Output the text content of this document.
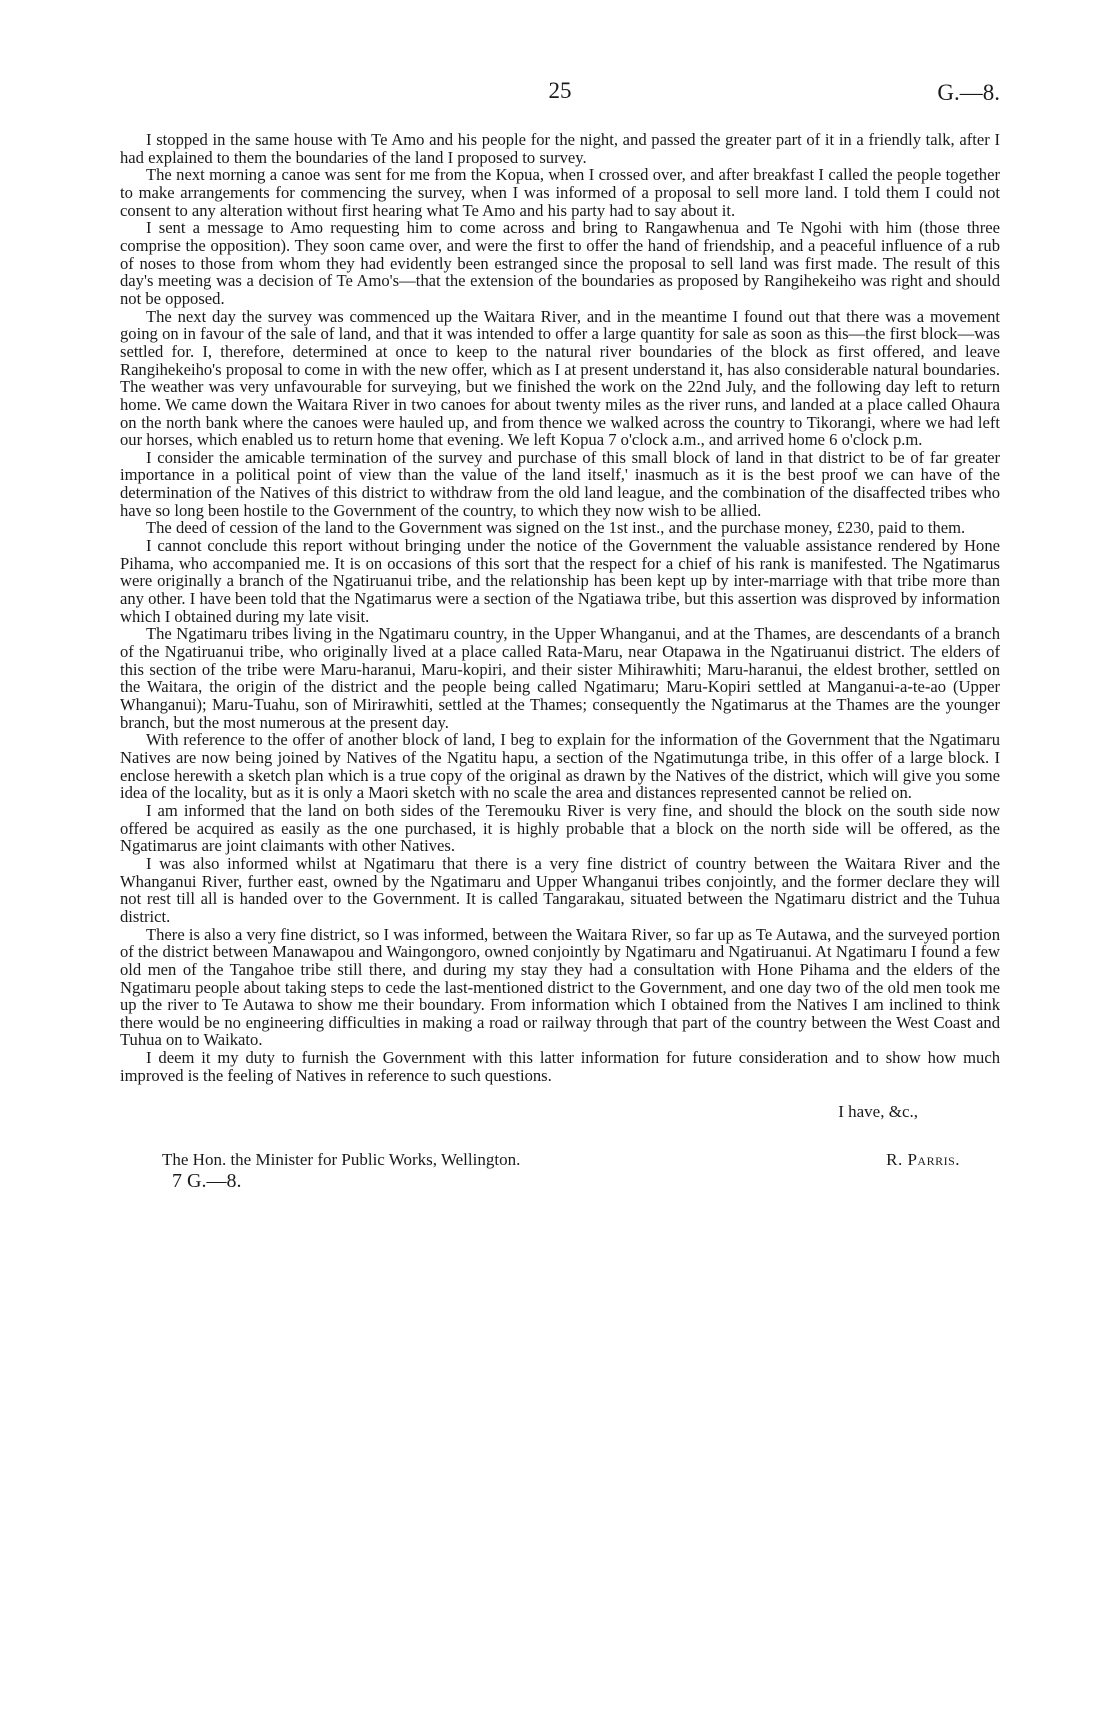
25	G.—8.

I stopped in the same house with Te Amo and his people for the night, and passed the greater part of it in a friendly talk, after I had explained to them the boundaries of the land I proposed to survey.

The next morning a canoe was sent for me from the Kopua, when I crossed over, and after breakfast I called the people together to make arrangements for commencing the survey, when I was informed of a proposal to sell more land. I told them I could not consent to any alteration without first hearing what Te Amo and his party had to say about it.

I sent a message to Amo requesting him to come across and bring to Rangawhenua and Te Ngohi with him (those three comprise the opposition). They soon came over, and were the first to offer the hand of friendship, and a peaceful influence of a rub of noses to those from whom they had evidently been estranged since the proposal to sell land was first made. The result of this day's meeting was a decision of Te Amo's—that the extension of the boundaries as proposed by Rangihekeiho was right and should not be opposed.

The next day the survey was commenced up the Waitara River, and in the meantime I found out that there was a movement going on in favour of the sale of land, and that it was intended to offer a large quantity for sale as soon as this—the first block—was settled for. I, therefore, determined at once to keep to the natural river boundaries of the block as first offered, and leave Rangihekeiho's proposal to come in with the new offer, which as I at present understand it, has also considerable natural boundaries. The weather was very unfavourable for surveying, but we finished the work on the 22nd July, and the following day left to return home. We came down the Waitara River in two canoes for about twenty miles as the river runs, and landed at a place called Ohaura on the north bank where the canoes were hauled up, and from thence we walked across the country to Tikorangi, where we had left our horses, which enabled us to return home that evening. We left Kopua 7 o'clock a.m., and arrived home 6 o'clock p.m.

I consider the amicable termination of the survey and purchase of this small block of land in that district to be of far greater importance in a political point of view than the value of the land itself,' inasmuch as it is the best proof we can have of the determination of the Natives of this district to withdraw from the old land league, and the combination of the disaffected tribes who have so long been hostile to the Government of the country, to which they now wish to be allied.

The deed of cession of the land to the Government was signed on the 1st inst., and the purchase money, £230, paid to them.

I cannot conclude this report without bringing under the notice of the Government the valuable assistance rendered by Hone Pihama, who accompanied me. It is on occasions of this sort that the respect for a chief of his rank is manifested. The Ngatimarus were originally a branch of the Ngatiruanui tribe, and the relationship has been kept up by inter-marriage with that tribe more than any other. I have been told that the Ngatimarus were a section of the Ngatiawa tribe, but this assertion was disproved by information which I obtained during my late visit.

The Ngatimaru tribes living in the Ngatimaru country, in the Upper Whanganui, and at the Thames, are descendants of a branch of the Ngatiruanui tribe, who originally lived at a place called Rata-Maru, near Otapawa in the Ngatiruanui district. The elders of this section of the tribe were Maru-haranui, Maru-kopiri, and their sister Mihirawhiti; Maru-haranui, the eldest brother, settled on the Waitara, the origin of the district and the people being called Ngatimaru; Maru-Kopiri settled at Manganui-a-te-ao (Upper Whanganui); Maru-Tuahu, son of Mirirawhiti, settled at the Thames; consequently the Ngatimarus at the Thames are the younger branch, but the most numerous at the present day.

With reference to the offer of another block of land, I beg to explain for the information of the Government that the Ngatimaru Natives are now being joined by Natives of the Ngatitu hapu, a section of the Ngatimutunga tribe, in this offer of a large block. I enclose herewith a sketch plan which is a true copy of the original as drawn by the Natives of the district, which will give you some idea of the locality, but as it is only a Maori sketch with no scale the area and distances represented cannot be relied on.

I am informed that the land on both sides of the Teremouku River is very fine, and should the block on the south side now offered be acquired as easily as the one purchased, it is highly probable that a block on the north side will be offered, as the Ngatimarus are joint claimants with other Natives.

I was also informed whilst at Ngatimaru that there is a very fine district of country between the Waitara River and the Whanganui River, further east, owned by the Ngatimaru and Upper Whanganui tribes conjointly, and the former declare they will not rest till all is handed over to the Government. It is called Tangarakau, situated between the Ngatimaru district and the Tuhua district.

There is also a very fine district, so I was informed, between the Waitara River, so far up as Te Autawa, and the surveyed portion of the district between Manawapou and Waingongoro, owned conjointly by Ngatimaru and Ngatiruanui. At Ngatimaru I found a few old men of the Tangahoe tribe still there, and during my stay they had a consultation with Hone Pihama and the elders of the Ngatimaru people about taking steps to cede the last-mentioned district to the Government, and one day two of the old men took me up the river to Te Autawa to show me their boundary. From information which I obtained from the Natives I am inclined to think there would be no engineering difficulties in making a road or railway through that part of the country between the West Coast and Tuhua on to Waikato.

I deem it my duty to furnish the Government with this latter information for future consideration and to show how much improved is the feeling of Natives in reference to such questions.

I have, &c.,
The Hon. the Minister for Public Works, Wellington.	R. Parris.
7 G.—8.
